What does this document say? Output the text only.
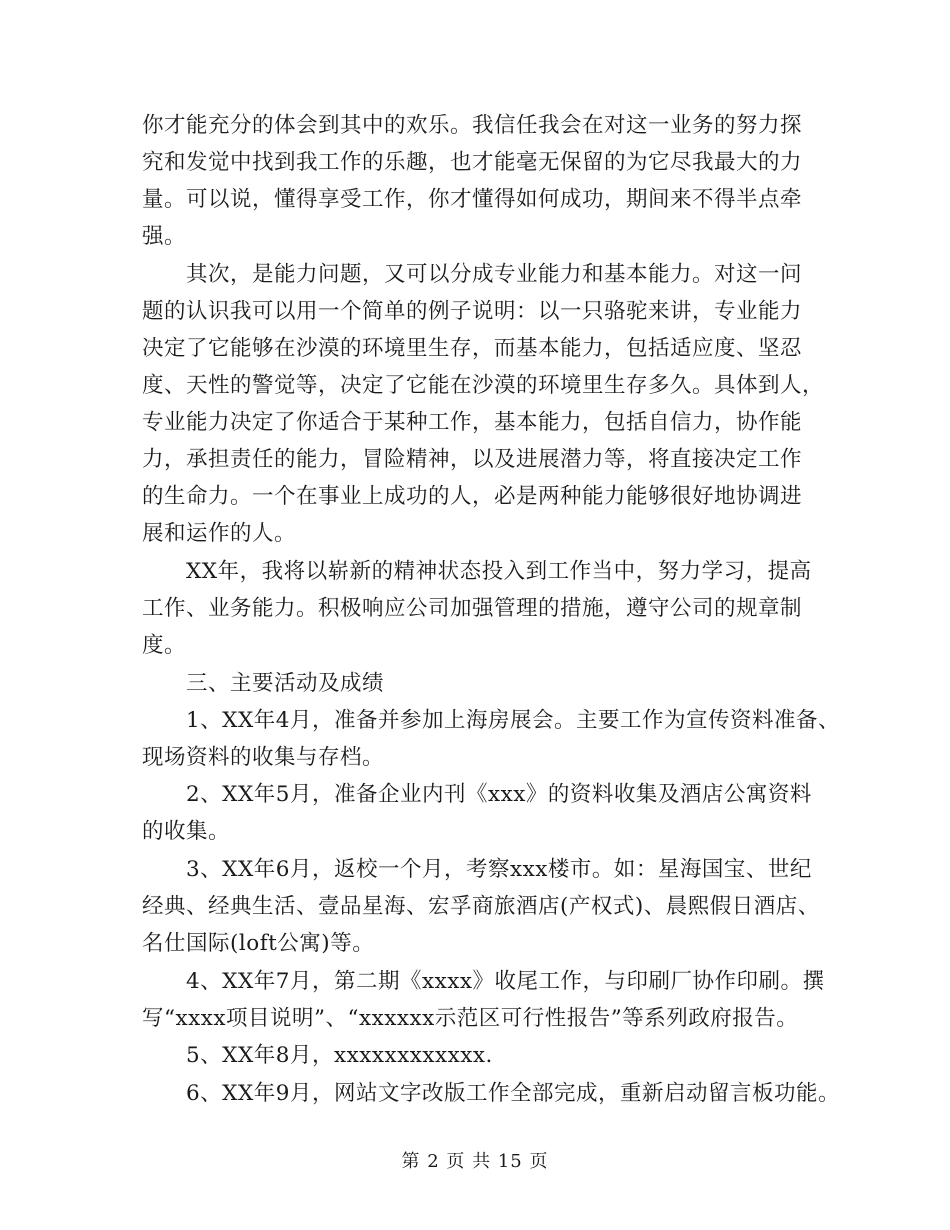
你才能充分的体会到其中的欢乐。我信任我会在对这一业务的努力探
究和发觉中找到我工作的乐趣，也才能毫无保留的为它尽我最大的力
量。可以说，懂得享受工作，你才懂得如何成功，期间来不得半点牵
强。
其次，是能力问题，又可以分成专业能力和基本能力。对这一问
题的认识我可以用一个简单的例子说明：以一只骆驼来讲，专业能力
决定了它能够在沙漠的环境里生存，而基本能力，包括适应度、坚忍
度、天性的警觉等，决定了它能在沙漠的环境里生存多久。具体到人，
专业能力决定了你适合于某种工作，基本能力，包括自信力，协作能
力，承担责任的能力，冒险精神，以及进展潜力等，将直接决定工作
的生命力。一个在事业上成功的人，必是两种能力能够很好地协调进
展和运作的人。
XX年，我将以崭新的精神状态投入到工作当中，努力学习，提高
工作、业务能力。积极响应公司加强管理的措施，遵守公司的规章制
度。
三、主要活动及成绩
1、XX年4月，准备并参加上海房展会。主要工作为宣传资料准备、
现场资料的收集与存档。
2、XX年5月，准备企业内刊《xxx》的资料收集及酒店公寓资料
的收集。
3、XX年6月，返校一个月，考察xxx楼市。如：星海国宝、世纪
经典、经典生活、壹品星海、宏孚商旅酒店(产权式)、晨熙假日酒店、
名仕国际(loft公寓)等。
4、XX年7月，第二期《xxxx》收尾工作，与印刷厂协作印刷。撰
写“xxxx项目说明”、“xxxxxx示范区可行性报告”等系列政府报告。
5、XX年8月，xxxxxxxxxxxx.
6、XX年9月，网站文字改版工作全部完成，重新启动留言板功能。
第 2 页 共 15 页
